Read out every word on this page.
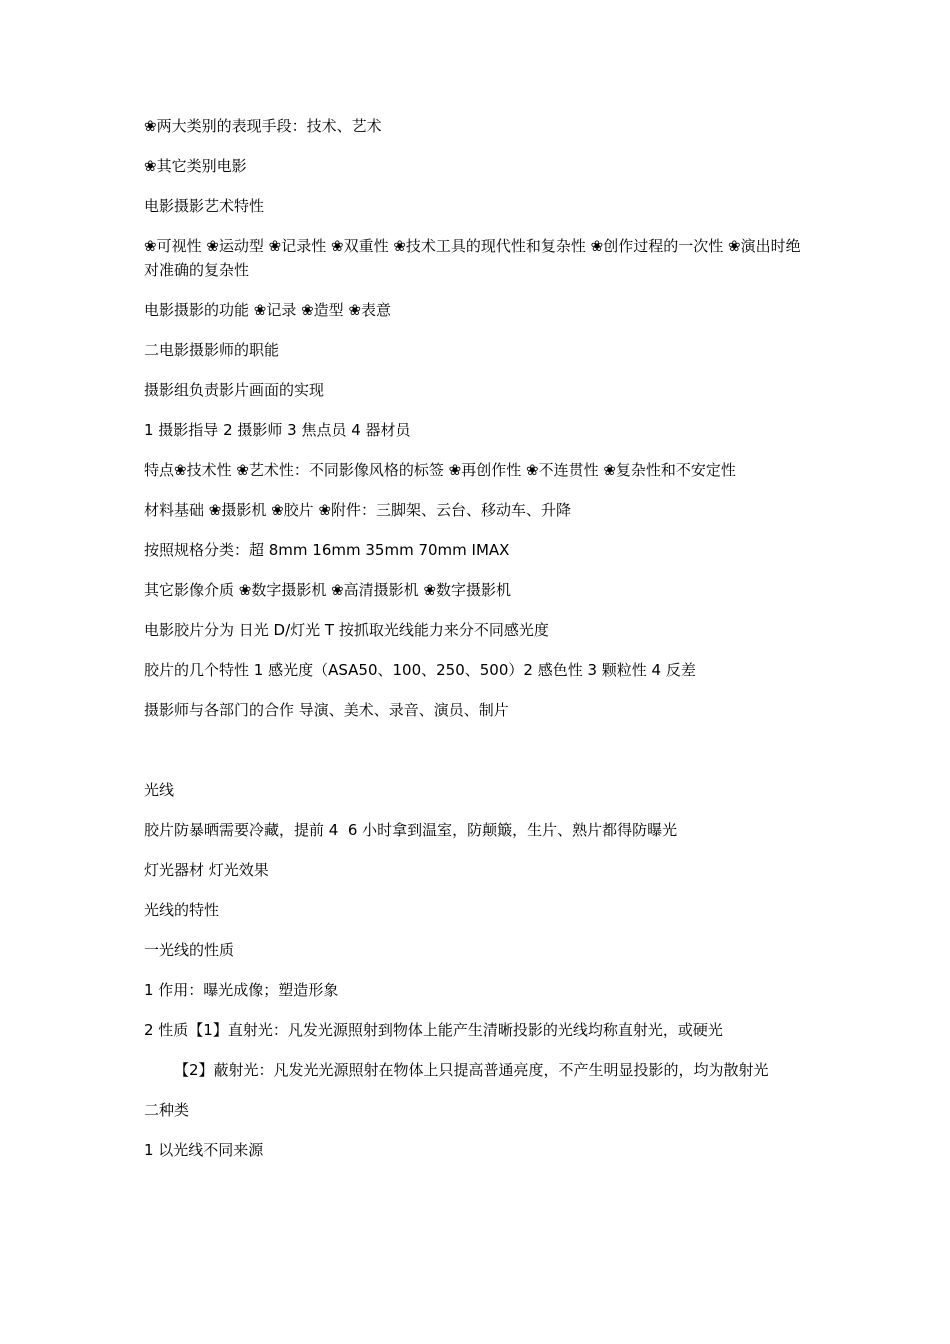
❀两大类别的表现手段：技术、艺术

❀其它类别电影

电影摄影艺术特性

❀可视性 ❀运动型 ❀记录性 ❀双重性 ❀技术工具的现代性和复杂性 ❀创作过程的一次性 ❀演出时绝对准确的复杂性

电影摄影的功能 ❀记录 ❀造型 ❀表意

二电影摄影师的职能

摄影组负责影片画面的实现

1 摄影指导 2 摄影师 3 焦点员 4 器材员

特点❀技术性 ❀艺术性：不同影像风格的标签 ❀再创作性 ❀不连贯性 ❀复杂性和不安定性

材料基础 ❀摄影机 ❀胶片 ❀附件：三脚架、云台、移动车、升降

按照规格分类：超 8mm 16mm 35mm 70mm IMAX

其它影像介质 ❀数字摄影机 ❀高清摄影机 ❀数字摄影机

电影胶片分为 日光 D/灯光 T 按抓取光线能力来分不同感光度

胶片的几个特性 1 感光度（ASA50、100、250、500）2 感色性 3 颗粒性 4 反差

摄影师与各部门的合作 导演、美术、录音、演员、制片

光线

胶片防暴晒需要冷藏，提前 4  6 小时拿到温室，防颠簸，生片、熟片都得防曝光

灯光器材 灯光效果

光线的特性

一光线的性质

1 作用：曝光成像；塑造形象

2 性质【1】直射光：凡发光源照射到物体上能产生清晰投影的光线均称直射光，或硬光

【2】蔽射光：凡发光光源照射在物体上只提高普通亮度，不产生明显投影的，均为散射光

二种类

1 以光线不同来源
